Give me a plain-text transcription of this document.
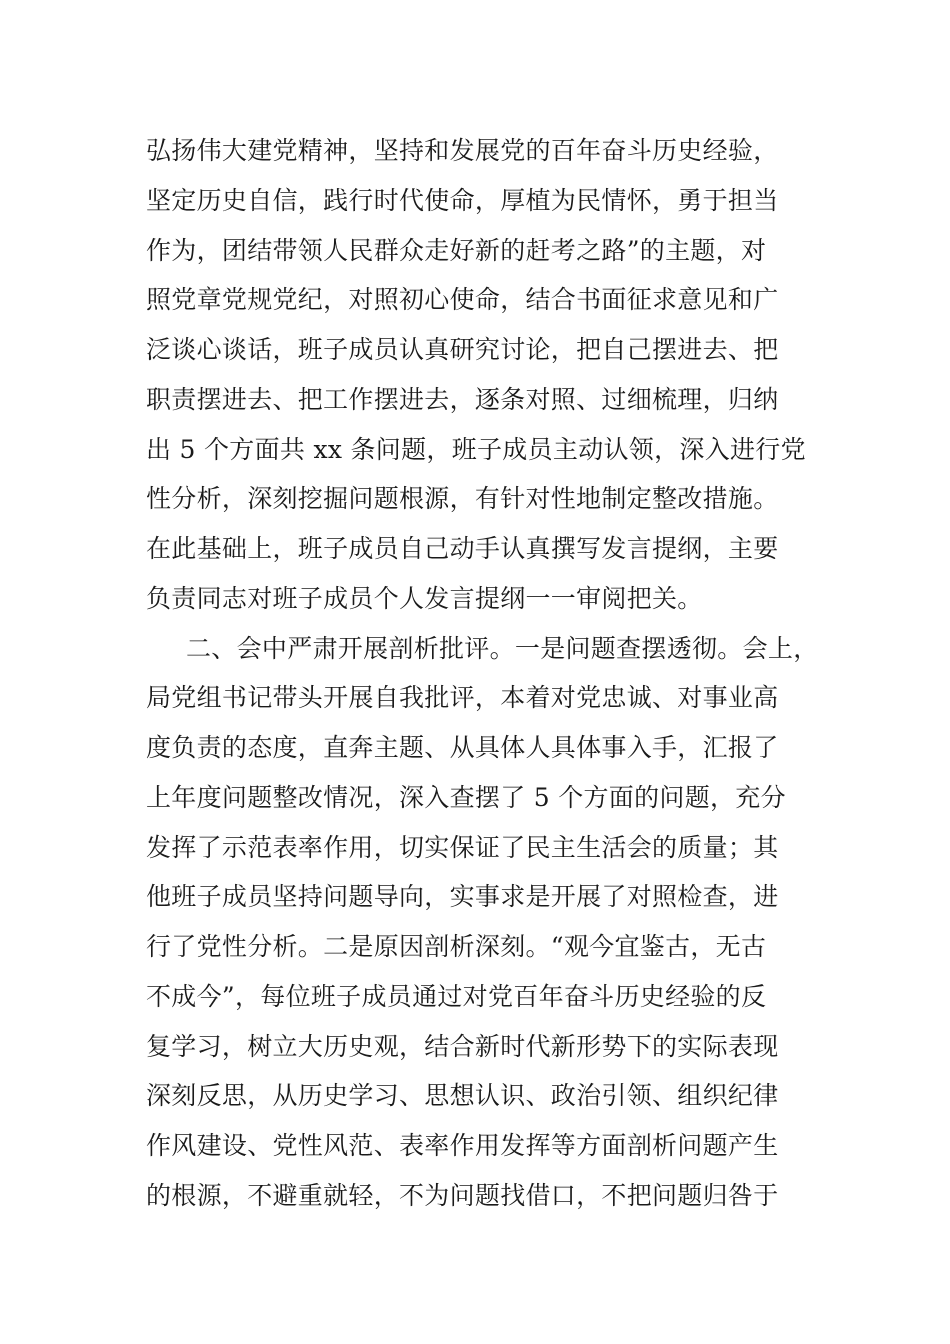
弘扬伟大建党精神，坚持和发展党的百年奋斗历史经验，
坚定历史自信，践行时代使命，厚植为民情怀，勇于担当
作为，团结带领人民群众走好新的赶考之路”的主题，对
照党章党规党纪，对照初心使命，结合书面征求意见和广
泛谈心谈话，班子成员认真研究讨论，把自己摆进去、把
职责摆进去、把工作摆进去，逐条对照、过细梳理，归纳
出 5 个方面共 xx 条问题，班子成员主动认领，深入进行党
性分析，深刻挖掘问题根源，有针对性地制定整改措施。
在此基础上，班子成员自己动手认真撰写发言提纲，主要
负责同志对班子成员个人发言提纲一一审阅把关。
二、会中严肃开展剖析批评。一是问题查摆透彻。会上，
局党组书记带头开展自我批评，本着对党忠诚、对事业高
度负责的态度，直奔主题、从具体人具体事入手，汇报了
上年度问题整改情况，深入查摆了 5 个方面的问题，充分
发挥了示范表率作用，切实保证了民主生活会的质量；其
他班子成员坚持问题导向，实事求是开展了对照检查，进
行了党性分析。二是原因剖析深刻。“观今宜鉴古，无古
不成今”，每位班子成员通过对党百年奋斗历史经验的反
复学习，树立大历史观，结合新时代新形势下的实际表现
深刻反思，从历史学习、思想认识、政治引领、组织纪律
作风建设、党性风范、表率作用发挥等方面剖析问题产生
的根源，不避重就轻，不为问题找借口，不把问题归咎于
